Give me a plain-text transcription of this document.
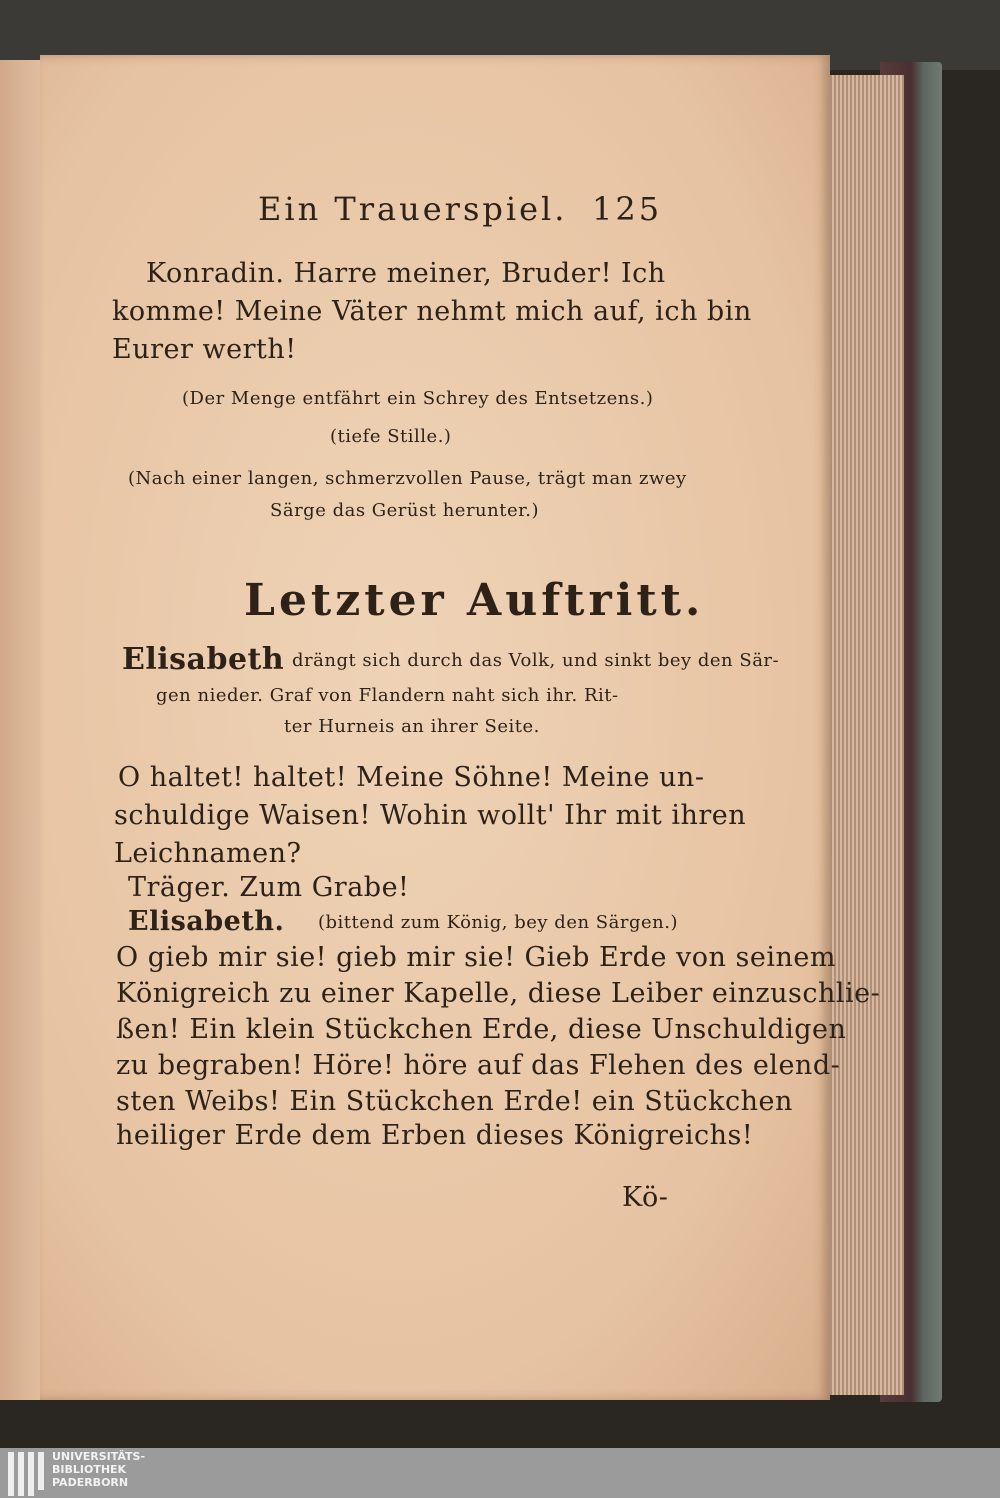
Ein Trauerspiel. 125
Konradin. Harre meiner, Bruder! Ich
komme! Meine Väter nehmt mich auf, ich bin
Eurer werth!
(Der Menge entfährt ein Schrey des Entsetzens.)
(tiefe Stille.)
(Nach einer langen, schmerzvollen Pause, trägt man zwey
Särge das Gerüst herunter.)
Letzter Auftritt.
Elisabeth drängt sich durch das Volk, und sinkt bey den Sär-
gen nieder. Graf von Flandern naht sich ihr. Rit-
ter Hurneis an ihrer Seite.
O haltet! haltet! Meine Söhne! Meine un-
schuldige Waisen! Wohin wollt' Ihr mit ihren
Leichnamen?
Träger. Zum Grabe!
Elisabeth. (bittend zum König, bey den Särgen.)
O gieb mir sie! gieb mir sie! Gieb Erde von seinem
Königreich zu einer Kapelle, diese Leiber einzuschlie-
ßen! Ein klein Stückchen Erde, diese Unschuldigen
zu begraben! Höre! höre auf das Flehen des elend-
sten Weibs! Ein Stückchen Erde! ein Stückchen
heiliger Erde dem Erben dieses Königreichs!
Kö-
UNIVERSITÄTS-
BIBLIOTHEK
PADERBORN
